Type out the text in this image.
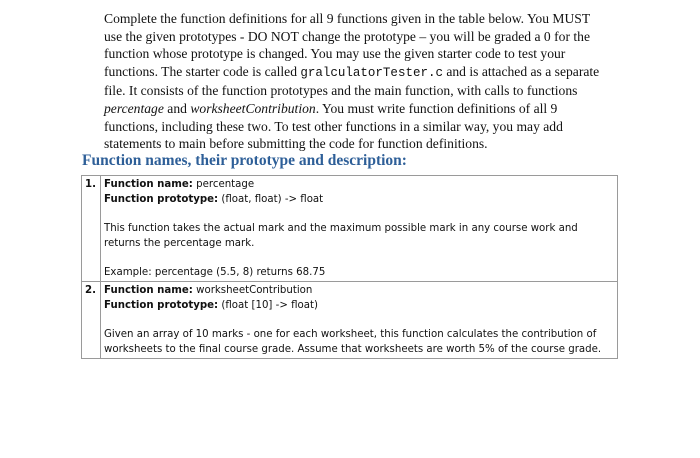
Complete the function definitions for all 9 functions given in the table below. You MUST use the given prototypes - DO NOT change the prototype – you will be graded a 0 for the function whose prototype is changed. You may use the given starter code to test your functions. The starter code is called gralculatorTester.c and is attached as a separate file. It consists of the function prototypes and the main function, with calls to functions percentage and worksheetContribution. You must write function definitions of all 9 functions, including these two. To test other functions in a similar way, you may add statements to main before submitting the code for function definitions.

Function names, their prototype and description:
1.	Function name: percentage
Function prototype: (float, float) -> float
This function takes the actual mark and the maximum possible mark in any course work and returns the percentage mark.
Example: percentage (5.5, 8) returns 68.75

2.	Function name: worksheetContribution
Function prototype: (float [10] -> float)
Given an array of 10 marks - one for each worksheet, this function calculates the contribution of worksheets to the final course grade. Assume that worksheets are worth 5% of the course grade.
